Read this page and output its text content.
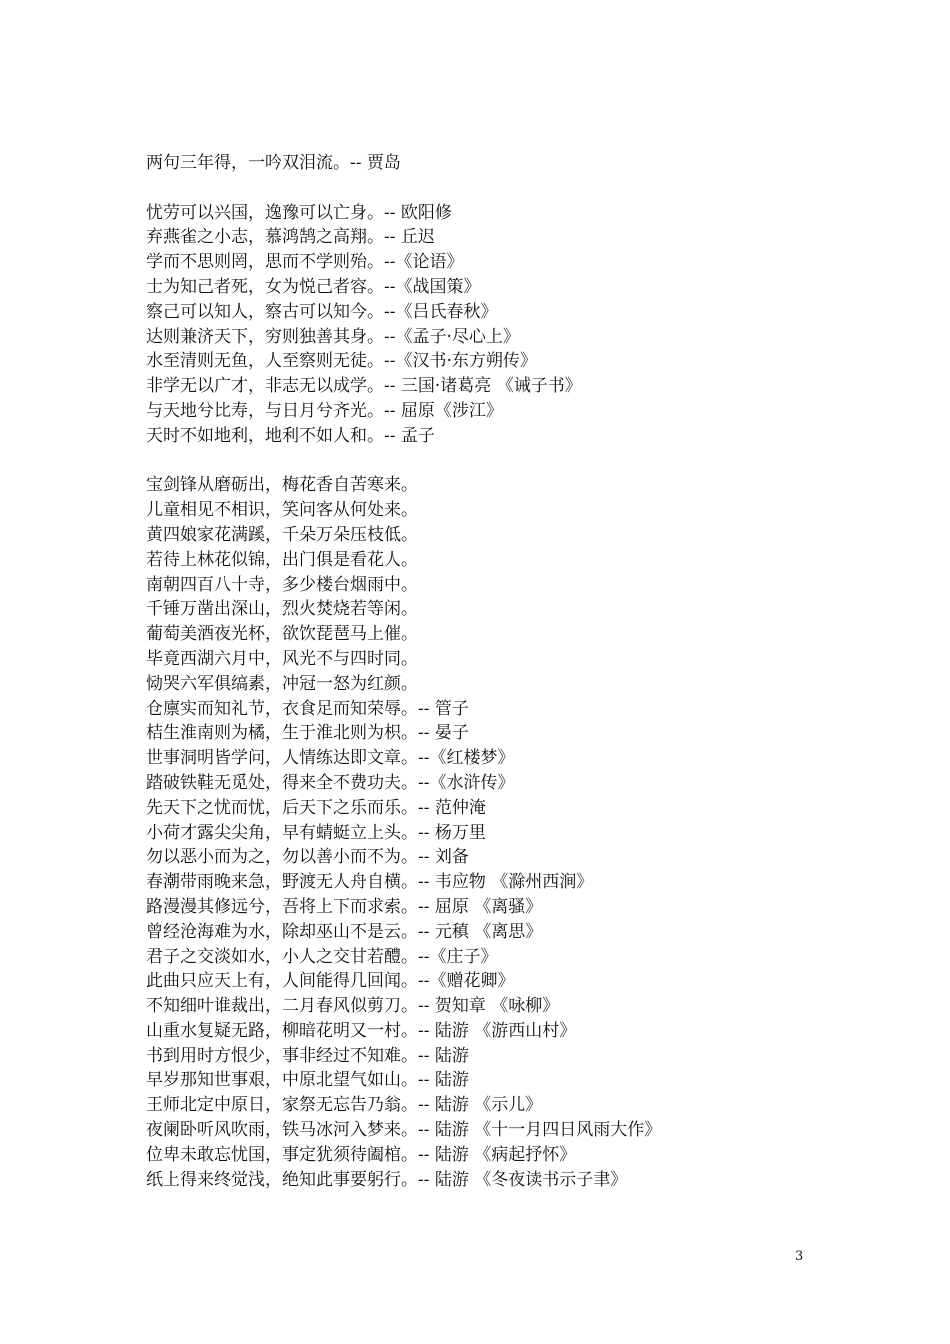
两句三年得，一吟双泪流。-- 贾岛
忧劳可以兴国，逸豫可以亡身。-- 欧阳修
弃燕雀之小志，慕鸿鹄之高翔。-- 丘迟
学而不思则罔，思而不学则殆。--《论语》
士为知己者死，女为悦己者容。--《战国策》
察己可以知人，察古可以知今。--《吕氏春秋》
达则兼济天下，穷则独善其身。--《孟子·尽心上》
水至清则无鱼，人至察则无徒。--《汉书·东方朔传》
非学无以广才，非志无以成学。-- 三国·诸葛亮 《诫子书》
与天地兮比寿，与日月兮齐光。-- 屈原《涉江》
天时不如地利，地利不如人和。-- 孟子
宝剑锋从磨砺出，梅花香自苦寒来。
儿童相见不相识，笑问客从何处来。
黄四娘家花满蹊，千朵万朵压枝低。
若待上林花似锦，出门俱是看花人。
南朝四百八十寺，多少楼台烟雨中。
千锤万凿出深山，烈火焚烧若等闲。
葡萄美酒夜光杯，欲饮琵琶马上催。
毕竟西湖六月中，风光不与四时同。
恸哭六军俱缟素，冲冠一怒为红颜。
仓廪实而知礼节，衣食足而知荣辱。-- 管子
桔生淮南则为橘，生于淮北则为枳。-- 晏子
世事洞明皆学问，人情练达即文章。--《红楼梦》
踏破铁鞋无觅处，得来全不费功夫。--《水浒传》
先天下之忧而忧，后天下之乐而乐。-- 范仲淹
小荷才露尖尖角，早有蜻蜓立上头。-- 杨万里
勿以恶小而为之，勿以善小而不为。-- 刘备
春潮带雨晚来急，野渡无人舟自横。-- 韦应物 《滁州西涧》
路漫漫其修远兮，吾将上下而求索。-- 屈原 《离骚》
曾经沧海难为水，除却巫山不是云。-- 元稹 《离思》
君子之交淡如水，小人之交甘若醴。--《庄子》
此曲只应天上有，人间能得几回闻。--《赠花卿》
不知细叶谁裁出，二月春风似剪刀。-- 贺知章 《咏柳》
山重水复疑无路，柳暗花明又一村。-- 陆游 《游西山村》
书到用时方恨少，事非经过不知难。-- 陆游
早岁那知世事艰，中原北望气如山。-- 陆游
王师北定中原日，家祭无忘告乃翁。-- 陆游 《示儿》
夜阑卧听风吹雨，铁马冰河入梦来。-- 陆游 《十一月四日风雨大作》
位卑未敢忘忧国，事定犹须待阖棺。-- 陆游 《病起抒怀》
纸上得来终觉浅，绝知此事要躬行。-- 陆游 《冬夜读书示子聿》
3
